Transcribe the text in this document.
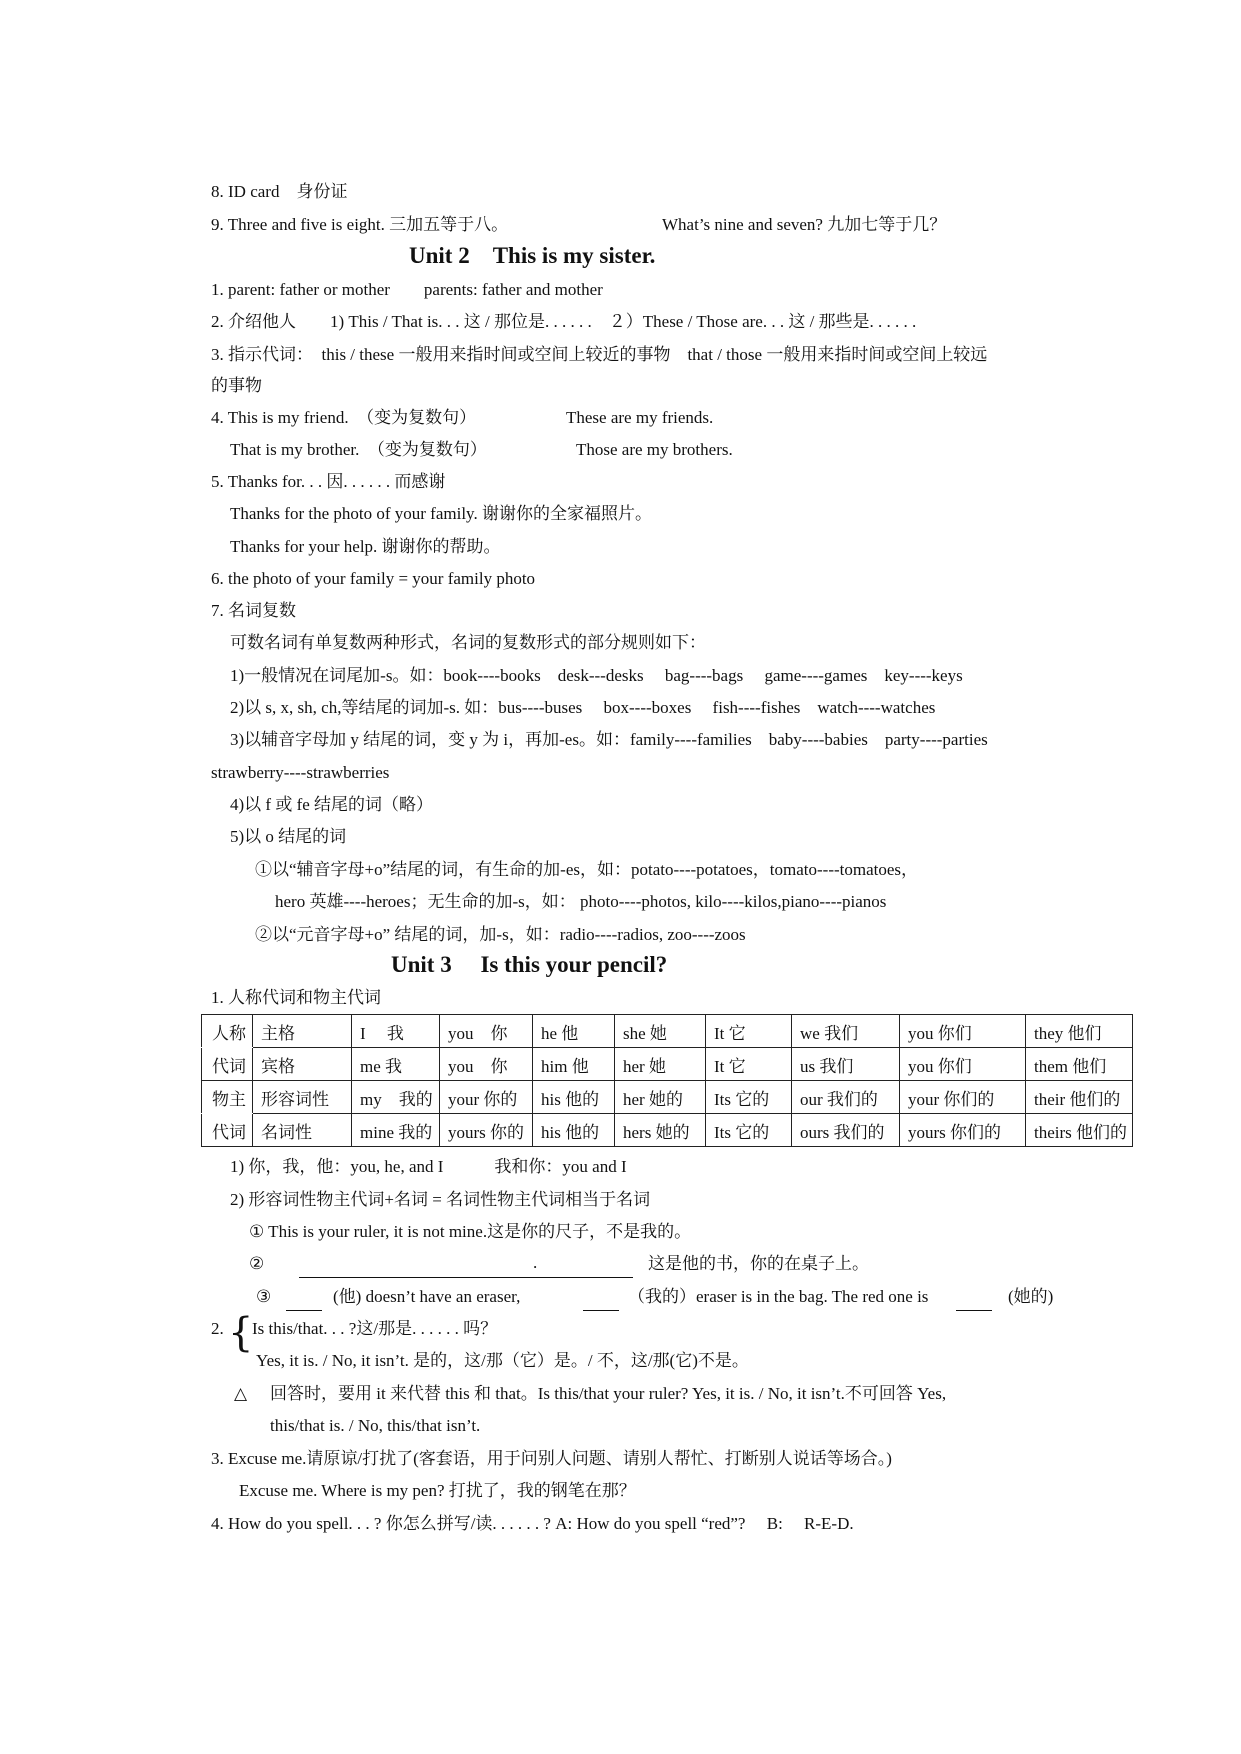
8. ID card　身份证
9. Three and five is eight. 三加五等于八。	What’s nine and seven? 九加七等于几？
Unit 2　This is my sister.
1. parent: father or mother　　parents: father and mother
2. 介绍他人　　1) This / That is. . . 这 / 那位是. . . . . .　２）These / Those are. . . 这 / 那些是. . . . . .
3. 指示代词：　this / these 一般用来指时间或空间上较近的事物　that / those 一般用来指时间或空间上较远
的事物
4. This is my friend.　（变为复数句）	These are my friends.
That is my brother.　（变为复数句）	Those are my brothers.
5. Thanks for. . . 因. . . . . . 而感谢
Thanks for the photo of your family. 谢谢你的全家福照片。
Thanks for your help. 谢谢你的帮助。
6. the photo of your family = your family photo
7. 名词复数
可数名词有单复数两种形式，名词的复数形式的部分规则如下：
1)一般情况在词尾加-s。如：book----books　desk---desks　 bag----bags　 game----games　key----keys
2)以 s, x, sh, ch,等结尾的词加-s. 如：bus----buses　 box----boxes　 fish----fishes　watch----watches
3)以辅音字母加 y 结尾的词，变 y 为 i，再加-es。如：family----families　baby----babies　party----parties
strawberry----strawberries
4)以 f 或 fe 结尾的词（略）
5)以 o 结尾的词
①以“辅音字母+o”结尾的词，有生命的加-es，如：potato----potatoes，tomato----tomatoes，
hero 英雄----heroes；无生命的加-s，如： photo----photos, kilo----kilos,piano----pianos
②以“元音字母+o” 结尾的词，加-s，如：radio----radios, zoo----zoos
Unit 3　 Is this your pencil?
1. 人称代词和物主代词
人称	主格	I　 我	you　你	he 他	she 她	It 它	we 我们	you 你们	they 他们
代词	宾格	me 我	you　你	him 他	her 她	It 它	us 我们	you 你们	them 他们
物主	形容词性	my　我的	your 你的	his 他的	her 她的	Its 它的	our 我们的	your 你们的	their 他们的
代词	名词性	mine 我的	yours 你的	his 他的	hers 她的	Its 它的	ours 我们的	yours 你们的	theirs 他们的
1) 你，我，他：you, he, and I　　　我和你：you and I
2) 形容词性物主代词+名词 = 名词性物主代词相当于名词
① This is your ruler, it is not mine.这是你的尺子，不是我的。
②	.	这是他的书，你的在桌子上。
③	(他) doesn’t have an eraser,	（我的）eraser is in the bag. The red one is	(她的)
2. {
Is this/that. . . ?这/那是. . . . . . 吗？
Yes, it is. / No, it isn’t. 是的，这/那（它）是。/ 不，这/那(它)不是。
△ 回答时，要用 it 来代替 this 和 that。Is this/that your ruler? Yes, it is. / No, it isn’t.不可回答 Yes,
this/that is. / No, this/that isn’t.
3. Excuse me.请原谅/打扰了(客套语，用于问别人问题、请别人帮忙、打断别人说话等场合。)
Excuse me. Where is my pen? 打扰了，我的钢笔在那？
4. How do you spell. . . ? 你怎么拼写/读. . . . . . ? A: How do you spell “red”?　 B:　 R-E-D.
